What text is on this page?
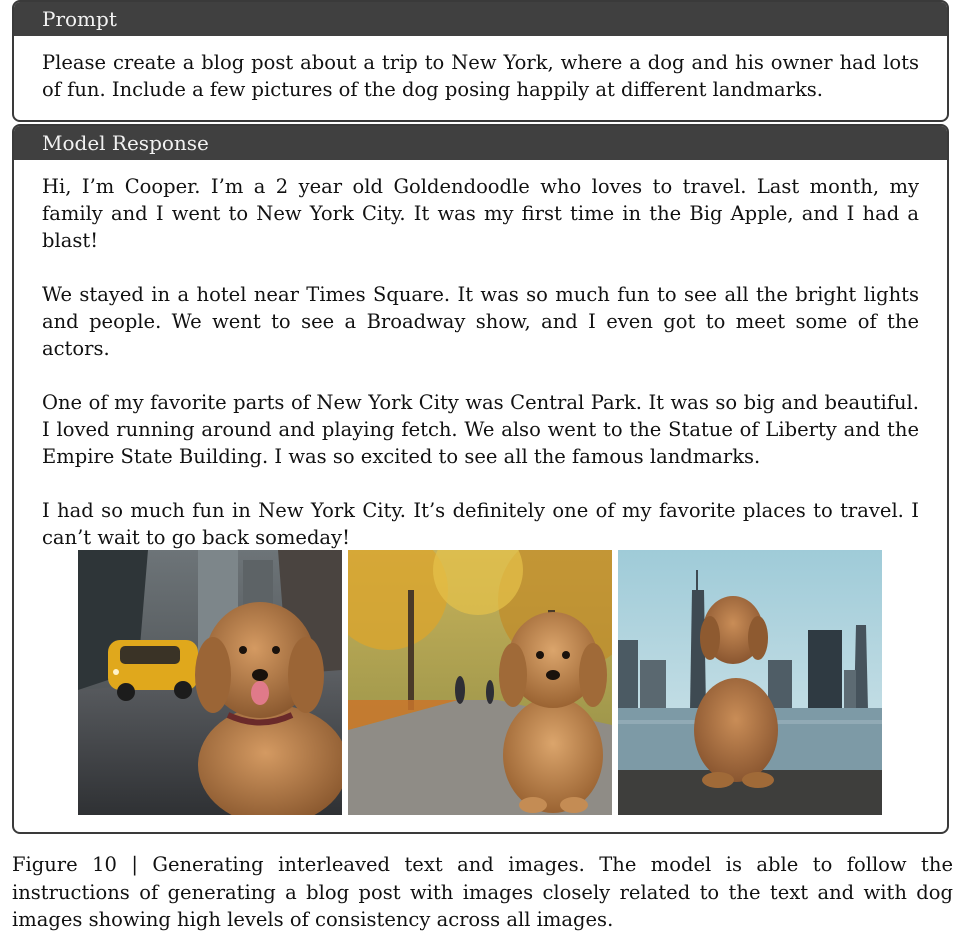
Prompt

Please create a blog post about a trip to New York, where a dog and his owner had lots of fun. Include a few pictures of the dog posing happily at different landmarks.

Model Response

Hi, I’m Cooper. I’m a 2 year old Goldendoodle who loves to travel. Last month, my family and I went to New York City. It was my first time in the Big Apple, and I had a blast!

We stayed in a hotel near Times Square. It was so much fun to see all the bright lights and people. We went to see a Broadway show, and I even got to meet some of the actors.

One of my favorite parts of New York City was Central Park. It was so big and beautiful. I loved running around and playing fetch. We also went to the Statue of Liberty and the Empire State Building. I was so excited to see all the famous landmarks.

I had so much fun in New York City. It’s definitely one of my favorite places to travel. I can’t wait to go back someday!

Figure 10 | Generating interleaved text and images. The model is able to follow the instructions of generating a blog post with images closely related to the text and with dog images showing high levels of consistency across all images.
